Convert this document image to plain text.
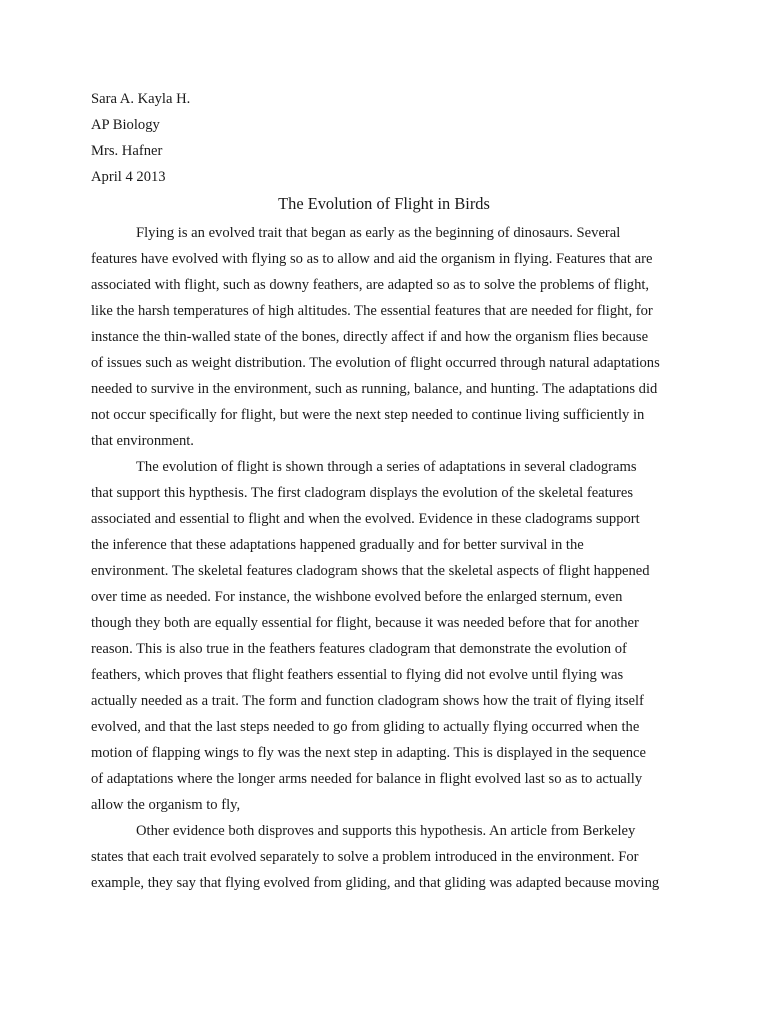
Sara A. Kayla H.
AP Biology
Mrs. Hafner
April 4 2013
The Evolution of Flight in Birds
Flying is an evolved trait that began as early as the beginning of dinosaurs. Several
features have evolved with flying so as to allow and aid the organism in flying. Features that are
associated with flight, such as downy feathers, are adapted so as to solve the problems of flight,
like the harsh temperatures of high altitudes. The essential features that are needed for flight, for
instance the thin-walled state of the bones, directly affect if and how the organism flies because
of issues such as weight distribution. The evolution of flight occurred through natural adaptations
needed to survive in the environment, such as running, balance, and hunting. The adaptations did
not occur specifically for flight, but were the next step needed to continue living sufficiently in
that environment.
The evolution of flight is shown through a series of adaptations in several cladograms
that support this hypthesis. The first cladogram displays the evolution of the skeletal features
associated and essential to flight and when the evolved. Evidence in these cladograms support
the inference that these adaptations happened gradually and for better survival in the
environment. The skeletal features cladogram shows that the skeletal aspects of flight happened
over time as needed. For instance, the wishbone evolved before the enlarged sternum, even
though they both are equally essential for flight, because it was needed before that for another
reason. This is also true in the feathers features cladogram that demonstrate the evolution of
feathers, which proves that flight feathers essential to flying did not evolve until flying was
actually needed as a trait. The form and function cladogram shows how the trait of flying itself
evolved, and that the last steps needed to go from gliding to actually flying occurred when the
motion of flapping wings to fly was the next step in adapting. This is displayed in the sequence
of adaptations where the longer arms needed for balance in flight evolved last so as to actually
allow the organism to fly,
Other evidence both disproves and supports this hypothesis. An article from Berkeley
states that each trait evolved separately to solve a problem introduced in the environment. For
example, they say that flying evolved from gliding, and that gliding was adapted because moving
